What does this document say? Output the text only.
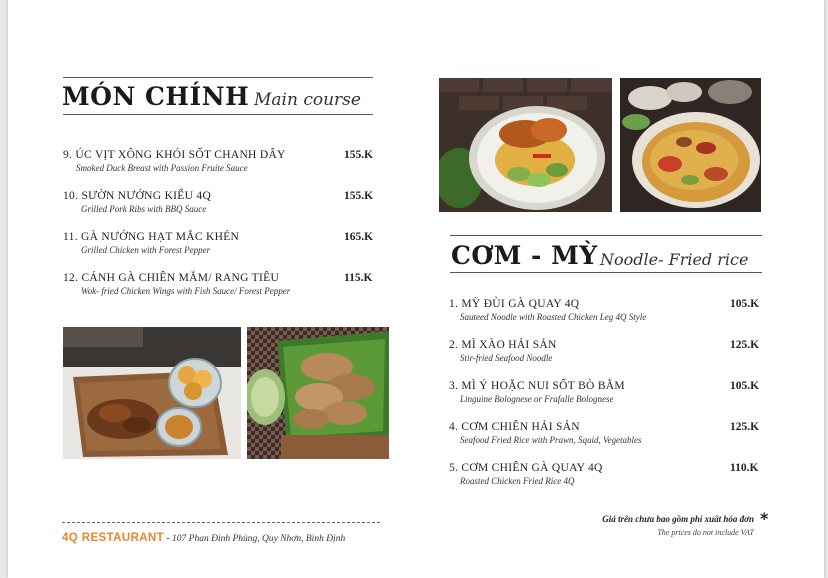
MÓN CHÍNH Main course
9. ÚC VỊT XÔNG KHÓI SỐT CHANH DÂY
Smoked Duck Breast with Passion Fruite Sauce
155.K
10. SƯỜN NƯỚNG KIỂU 4Q
Grilled Pork Ribs with BBQ Sauce
155.K
11. GÀ NƯỚNG HẠT MẮC KHÉN
Grilled Chicken with Forest Pepper
165.K
12. CÁNH GÀ CHIÊN MẮM/ RANG TIÊU
Wok- fried Chicken Wings with Fish Sauce/ Forest Pepper
115.K
CƠM - MỲ Noodle- Fried rice
1. MỲ ĐÙI GÀ QUAY 4Q
Sauteed Noodle with Roasted Chicken Leg 4Q Style
105.K
2. MÌ XÀO HẢI SẢN
Stir-fried Seafood Noodle
125.K
3. MÌ Ý HOẶC NUI SỐT BÒ BẰM
Linguine Bolognese or Frafalle Bolognese
105.K
4. CƠM CHIÊN HẢI SẢN
Seafood Fried Rice with Prawn, Squid, Vegetables
125.K
5. CƠM CHIÊN GÀ QUAY 4Q
Roasted Chicken Fried Rice 4Q
110.K
4Q RESTAURANT - 107 Phan Đình Phùng, Quy Nhơn, Bình Định
Giá trên chưa bao gồm phí xuất hóa đơn
The prices do not include VAT
*
